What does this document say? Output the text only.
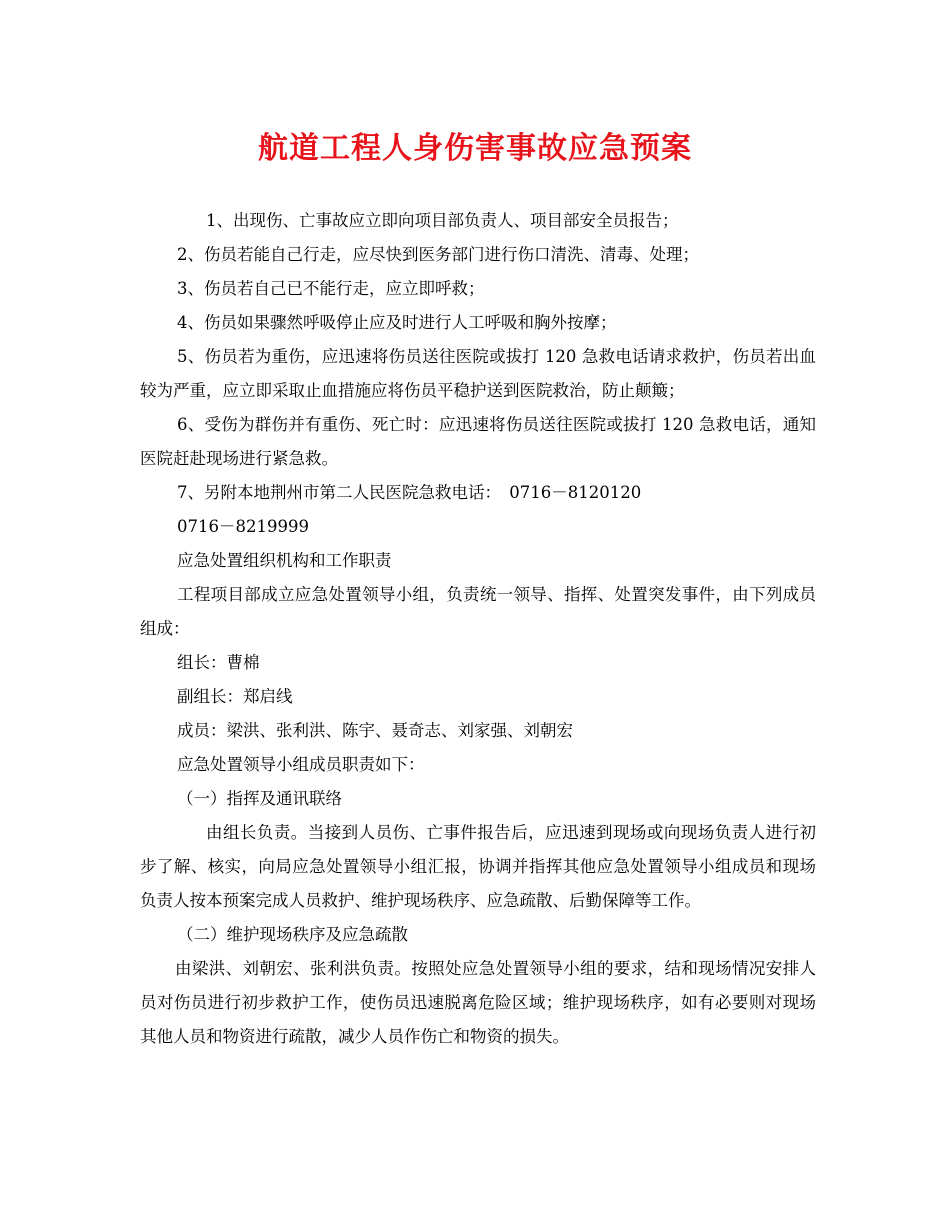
航道工程人身伤害事故应急预案

1、出现伤、亡事故应立即向项目部负责人、项目部安全员报告；

2、伤员若能自己行走，应尽快到医务部门进行伤口清洗、清毒、处理；

3、伤员若自己已不能行走，应立即呼救；

4、伤员如果骤然呼吸停止应及时进行人工呼吸和胸外按摩；

5、伤员若为重伤，应迅速将伤员送往医院或拔打 120 急救电话请求救护，伤员若出血较为严重，应立即采取止血措施应将伤员平稳护送到医院救治，防止颠簸；

6、受伤为群伤并有重伤、死亡时：应迅速将伤员送往医院或拔打 120 急救电话，通知医院赶赴现场进行紧急救。

7、另附本地荆州市第二人民医院急救电话：　0716－8120120

0716－8219999

应急处置组织机构和工作职责

工程项目部成立应急处置领导小组，负责统一领导、指挥、处置突发事件，由下列成员组成：

组长：曹棉

副组长：郑启线

成员：梁洪、张利洪、陈宇、聂奇志、刘家强、刘朝宏

应急处置领导小组成员职责如下：

（一）指挥及通讯联络

由组长负责。当接到人员伤、亡事件报告后，应迅速到现场或向现场负责人进行初步了解、核实，向局应急处置领导小组汇报，协调并指挥其他应急处置领导小组成员和现场负责人按本预案完成人员救护、维护现场秩序、应急疏散、后勤保障等工作。

（二）维护现场秩序及应急疏散

由梁洪、刘朝宏、张利洪负责。按照处应急处置领导小组的要求，结和现场情况安排人员对伤员进行初步救护工作，使伤员迅速脱离危险区域；维护现场秩序，如有必要则对现场其他人员和物资进行疏散，减少人员作伤亡和物资的损失。
